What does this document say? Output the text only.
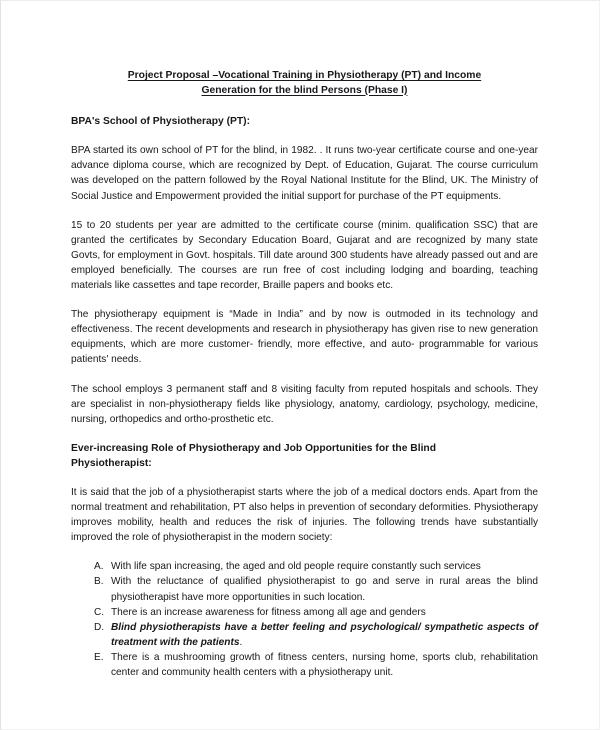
Project Proposal –Vocational Training in Physiotherapy (PT) and Income
Generation for the blind Persons (Phase I)
BPA's School of Physiotherapy (PT):

BPA started its own school of PT for the blind, in 1982. . It runs two-year certificate course and one-year advance diploma course, which are recognized by Dept. of Education, Gujarat. The course curriculum was developed on the pattern followed by the Royal National Institute for the Blind, UK. The Ministry of Social Justice and Empowerment provided the initial support for purchase of the PT equipments.

15 to 20 students per year are admitted to the certificate course (minim. qualification SSC) that are granted the certificates by Secondary Education Board, Gujarat and are recognized by many state Govts, for employment in Govt. hospitals. Till date around 300 students have already passed out and are employed beneficially. The courses are run free of cost including lodging and boarding, teaching materials like cassettes and tape recorder, Braille papers and books etc.

The physiotherapy equipment is “Made in India” and by now is outmoded in its technology and effectiveness. The recent developments and research in physiotherapy has given rise to new generation equipments, which are more customer- friendly, more effective, and auto- programmable for various patients' needs.

The school employs 3 permanent staff and 8 visiting faculty from reputed hospitals and schools. They are specialist in non-physiotherapy fields like physiology, anatomy, cardiology, psychology, medicine, nursing, orthopedics and ortho-prosthetic etc.

Ever-increasing Role of Physiotherapy and Job Opportunities for the BlindPhysiotherapist:

It is said that the job of a physiotherapist starts where the job of a medical doctors ends. Apart from the normal treatment and rehabilitation, PT also helps in prevention of secondary deformities. Physiotherapy improves mobility, health and reduces the risk of injuries. The following trends have substantially improved the role of physiotherapist in the modern society:

A. With life span increasing, the aged and old people require constantly such services
B. With the reluctance of qualified physiotherapist to go and serve in rural areas the blind physiotherapist have more opportunities in such location.
C. There is an increase awareness for fitness among all age and genders
D. Blind physiotherapists have a better feeling and psychological/ sympathetic aspects of treatment with the patients.
E. There is a mushrooming growth of fitness centers, nursing home, sports club, rehabilitation center and community health centers with a physiotherapy unit.
